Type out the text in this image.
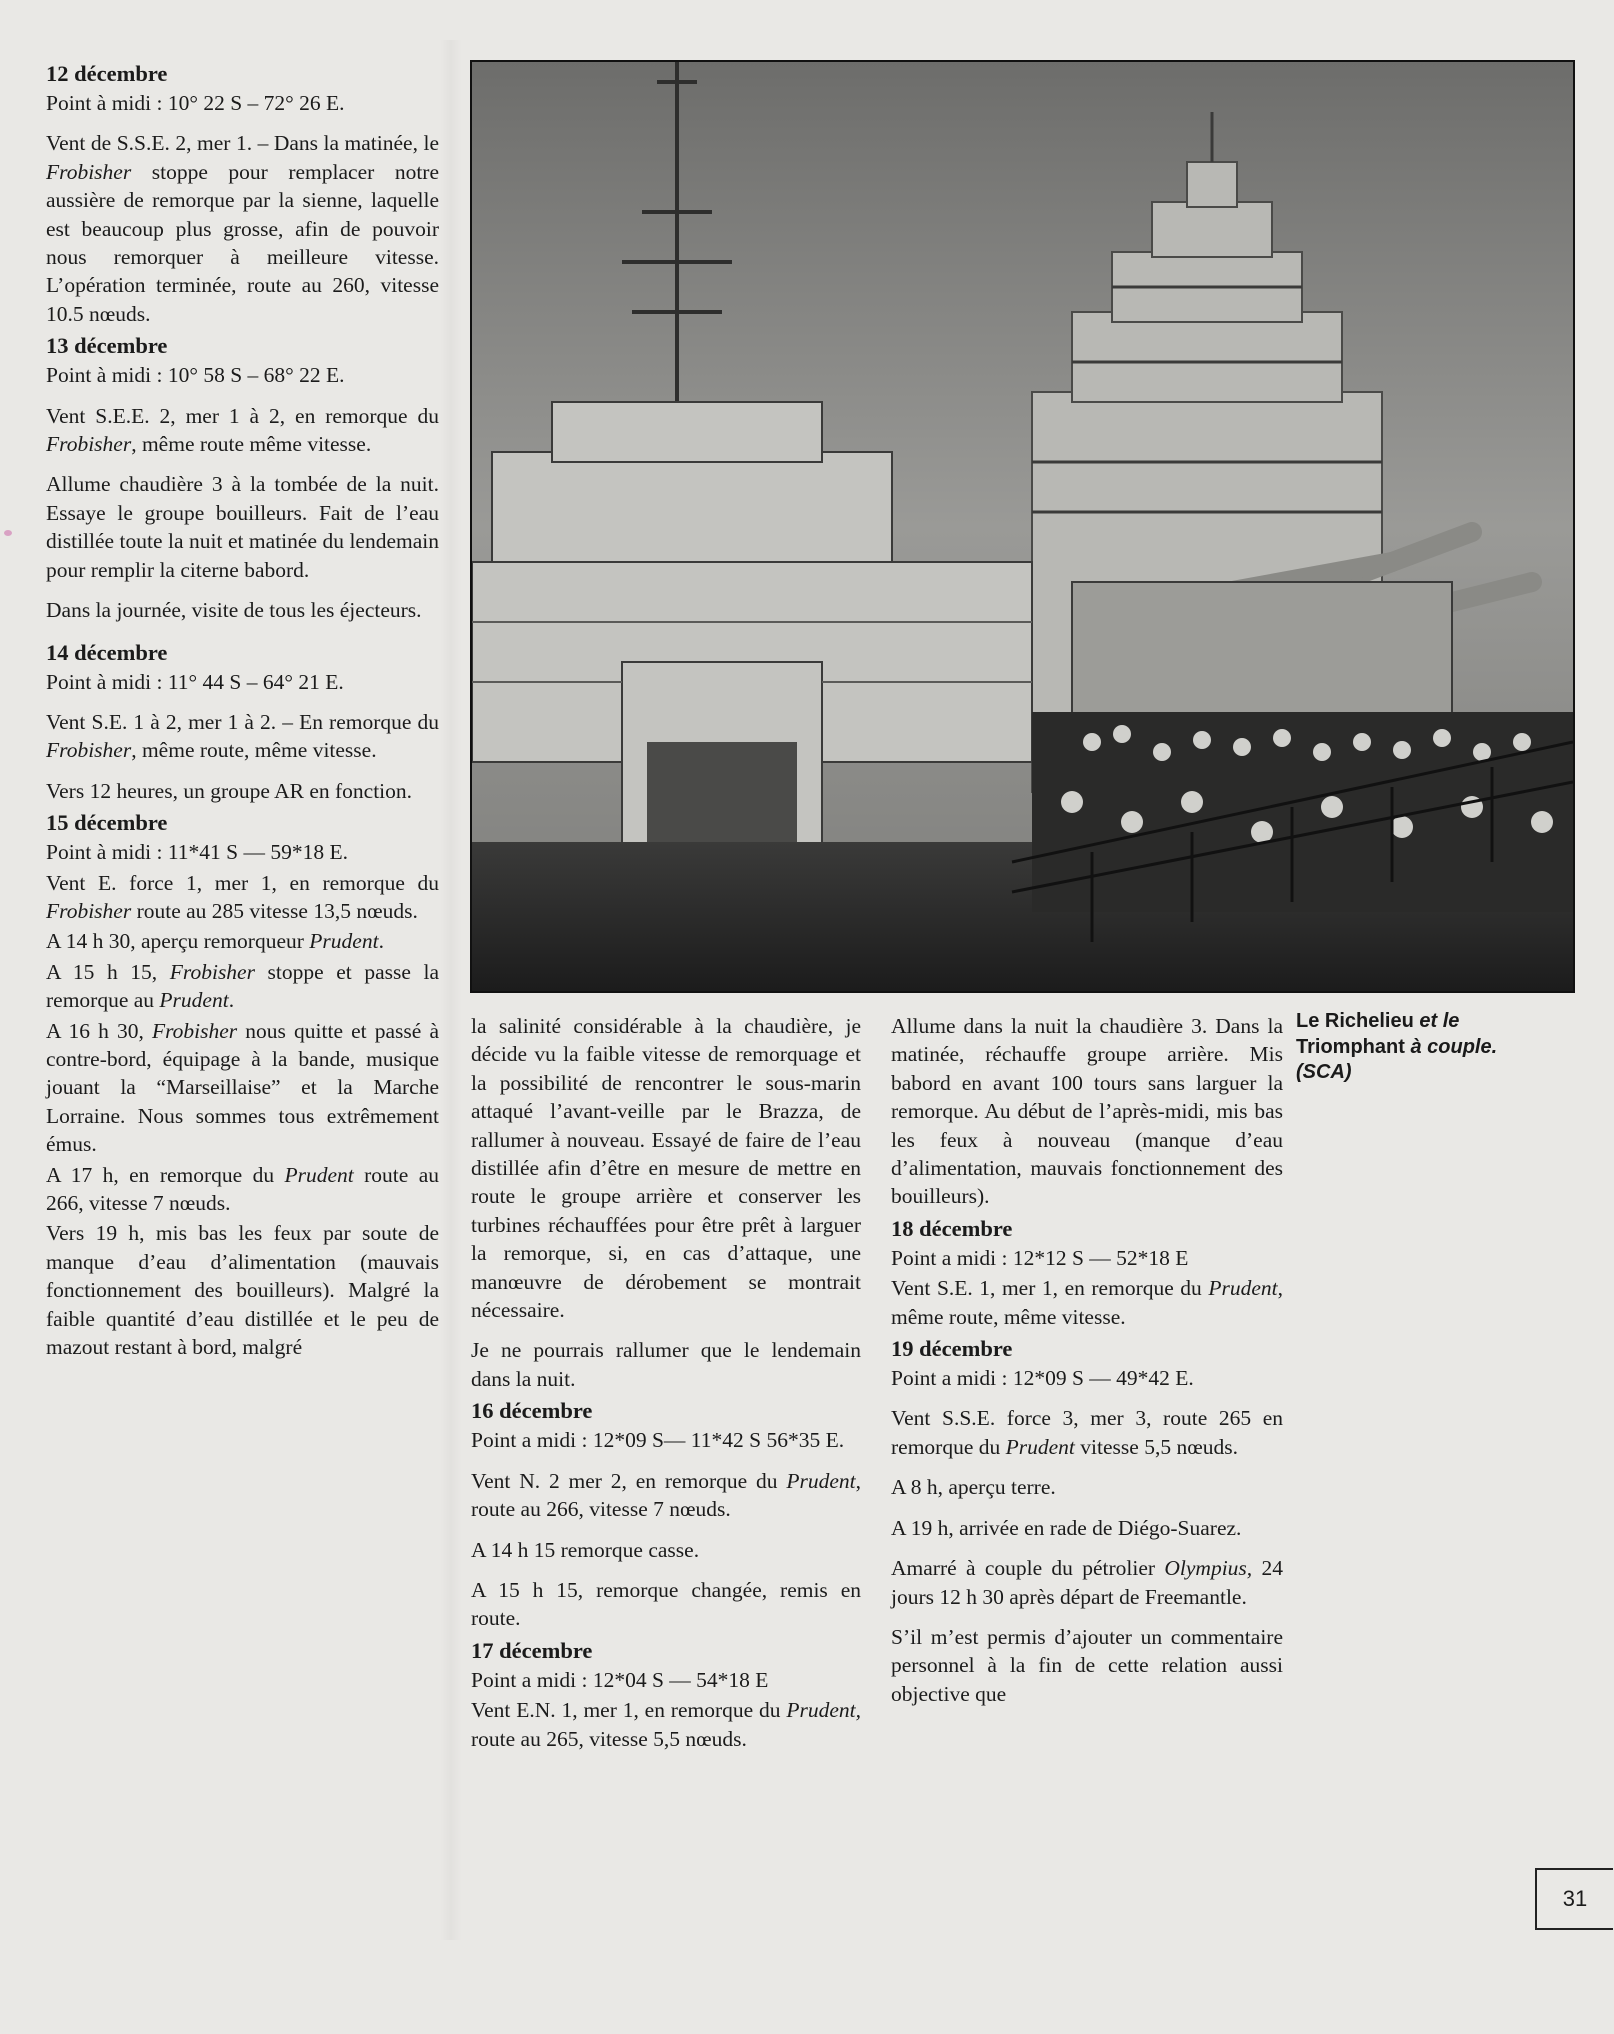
12 décembre

Point à midi : 10° 22 S – 72° 26 E.

Vent de S.S.E. 2, mer 1. – Dans la matinée, le Frobisher stoppe pour remplacer notre aussière de remorque par la sienne, laquelle est beaucoup plus grosse, afin de pouvoir nous remorquer à meilleure vitesse. L’opération terminée, route au 260, vitesse 10.5 nœuds.

13 décembre

Point à midi : 10° 58 S – 68° 22 E.

Vent S.E.E. 2, mer 1 à 2, en remorque du Frobisher, même route même vitesse.

Allume chaudière 3 à la tombée de la nuit. Essaye le groupe bouilleurs. Fait de l’eau distillée toute la nuit et matinée du lendemain pour remplir la citerne babord.

Dans la journée, visite de tous les éjecteurs.

14 décembre

Point à midi : 11° 44 S – 64° 21 E.

Vent S.E. 1 à 2, mer 1 à 2. – En remorque du Frobisher, même route, même vitesse.

Vers 12 heures, un groupe AR en fonction.

15 décembre

Point à midi : 11*41 S — 59*18 E.

Vent E. force 1, mer 1, en remorque du Frobisher route au 285 vitesse 13,5 nœuds.

A 14 h 30, aperçu remorqueur Prudent.

A 15 h 15, Frobisher stoppe et passe la remorque au Prudent.

A 16 h 30, Frobisher nous quitte et passé à contre-bord, équipage à la bande, musique jouant la “Marseillaise” et la Marche Lorraine. Nous sommes tous extrêmement émus.

A 17 h, en remorque du Prudent route au 266, vitesse 7 nœuds.

Vers 19 h, mis bas les feux par soute de manque d’eau d’alimentation (mauvais fonctionnement des bouilleurs). Malgré la faible quantité d’eau distillée et le peu de mazout restant à bord, malgré

la salinité considérable à la chaudière, je décide vu la faible vitesse de remorquage et la possibilité de rencontrer le sous-marin attaqué l’avant-veille par le Brazza, de rallumer à nouveau. Essayé de faire de l’eau distillée afin d’être en mesure de mettre en route le groupe arrière et conserver les turbines réchauffées pour être prêt à larguer la remorque, si, en cas d’attaque, une manœuvre de dérobement se montrait nécessaire.

Je ne pourrais rallumer que le lendemain dans la nuit.

16 décembre

Point a midi : 12*09 S— 11*42 S 56*35 E.

Vent N. 2 mer 2, en remorque du Prudent, route au 266, vitesse 7 nœuds.

A 14 h 15 remorque casse.

A 15 h 15, remorque changée, remis en route.

17 décembre

Point a midi : 12*04 S — 54*18 E

Vent E.N. 1, mer 1, en remorque du Prudent, route au 265, vitesse 5,5 nœuds.

Allume dans la nuit la chaudière 3. Dans la matinée, réchauffe groupe arrière. Mis babord en avant 100 tours sans larguer la remorque. Au début de l’après-midi, mis bas les feux à nouveau (manque d’eau d’alimentation, mauvais fonctionnement des bouilleurs).

18 décembre

Point a midi : 12*12 S — 52*18 E

Vent S.E. 1, mer 1, en remorque du Prudent, même route, même vitesse.

19 décembre

Point a midi : 12*09 S — 49*42 E.

Vent S.S.E. force 3, mer 3, route 265 en remorque du Prudent vitesse 5,5 nœuds.

A 8 h, aperçu terre.

A 19 h, arrivée en rade de Diégo-Suarez.

Amarré à couple du pétrolier Olympius, 24 jours 12 h 30 après départ de Freemantle.

S’il m’est permis d’ajouter un commentaire personnel à la fin de cette relation aussi objective que

Le Richelieu et le
Triomphant à couple.
(SCA)
31
